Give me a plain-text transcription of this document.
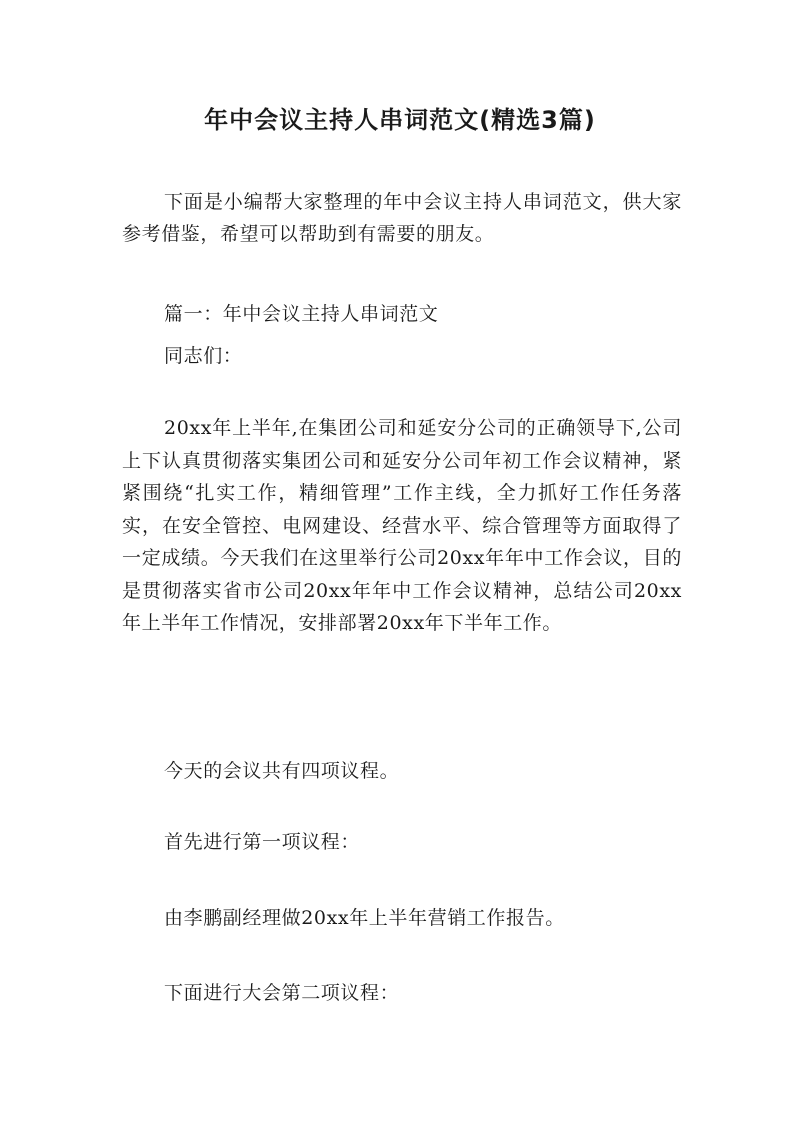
年中会议主持人串词范文(精选3篇)

下面是小编帮大家整理的年中会议主持人串词范文，供大家参考借鉴，希望可以帮助到有需要的朋友。

篇一：年中会议主持人串词范文

同志们：

20xx年上半年,在集团公司和延安分公司的正确领导下,公司上下认真贯彻落实集团公司和延安分公司年初工作会议精神，紧紧围绕“扎实工作，精细管理”工作主线，全力抓好工作任务落实，在安全管控、电网建设、经营水平、综合管理等方面取得了一定成绩。今天我们在这里举行公司20xx年年中工作会议，目的是贯彻落实省市公司20xx年年中工作会议精神，总结公司20xx年上半年工作情况，安排部署20xx年下半年工作。

今天的会议共有四项议程。

首先进行第一项议程：

由李鹏副经理做20xx年上半年营销工作报告。

下面进行大会第二项议程：
